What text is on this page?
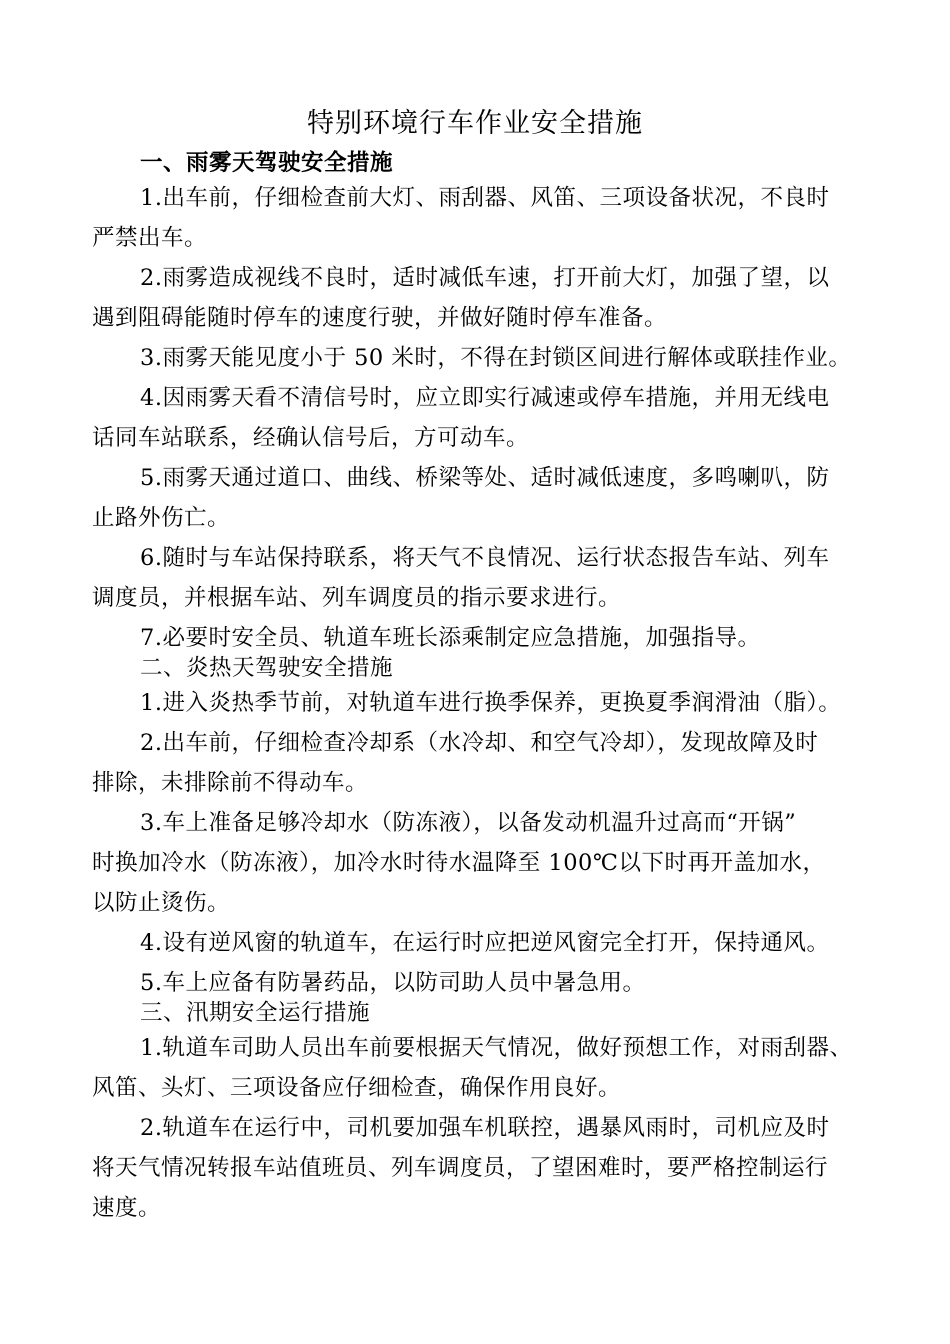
特别环境行车作业安全措施
一、雨雾天驾驶安全措施
1.出车前，仔细检查前大灯、雨刮器、风笛、三项设备状况，不良时
严禁出车。
2.雨雾造成视线不良时，适时减低车速，打开前大灯，加强了望，以
遇到阻碍能随时停车的速度行驶，并做好随时停车准备。
3.雨雾天能见度小于 50 米时，不得在封锁区间进行解体或联挂作业。
4.因雨雾天看不清信号时，应立即实行减速或停车措施，并用无线电
话同车站联系，经确认信号后，方可动车。
5.雨雾天通过道口、曲线、桥梁等处、适时减低速度，多鸣喇叭，防
止路外伤亡。
6.随时与车站保持联系，将天气不良情况、运行状态报告车站、列车
调度员，并根据车站、列车调度员的指示要求进行。
7.必要时安全员、轨道车班长添乘制定应急措施，加强指导。
二、炎热天驾驶安全措施
1.进入炎热季节前，对轨道车进行换季保养，更换夏季润滑油（脂）。
2.出车前，仔细检查冷却系（水冷却、和空气冷却），发现故障及时
排除，未排除前不得动车。
3.车上准备足够冷却水（防冻液），以备发动机温升过高而“开锅”
时换加冷水（防冻液），加冷水时待水温降至 100℃以下时再开盖加水，
以防止烫伤。
4.设有逆风窗的轨道车，在运行时应把逆风窗完全打开，保持通风。
5.车上应备有防暑药品，以防司助人员中暑急用。
三、汛期安全运行措施
1.轨道车司助人员出车前要根据天气情况，做好预想工作，对雨刮器、
风笛、头灯、三项设备应仔细检查，确保作用良好。
2.轨道车在运行中，司机要加强车机联控，遇暴风雨时，司机应及时
将天气情况转报车站值班员、列车调度员，了望困难时，要严格控制运行
速度。
